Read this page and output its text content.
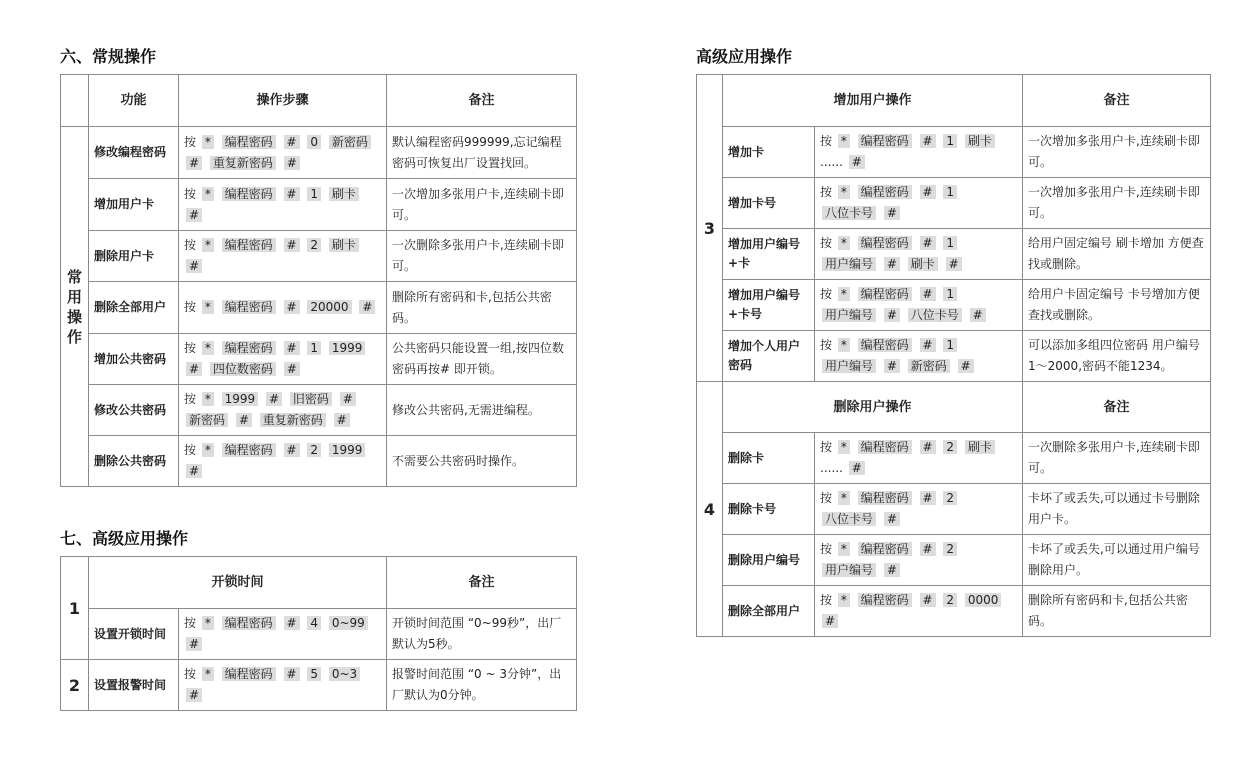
六、常规操作
	功能	操作步骤	备注

常
用
操
作	修改编程密码	按 * 编程密码 # 0 新密码 # 重复新密码 #	默认编程密码999999,忘记编程密码可恢复出厂设置找回。
	增加用户卡	按 * 编程密码 # 1 刷卡 #	一次增加多张用户卡,连续刷卡即可。
	删除用户卡	按 * 编程密码 # 2 刷卡 #	一次删除多张用户卡,连续刷卡即可。
	删除全部用户	按 * 编程密码 # 20000 #	删除所有密码和卡,包括公共密码。
	增加公共密码	按 * 编程密码 # 1 1999 # 四位数密码 #	公共密码只能设置一组,按四位数密码再按# 即开锁。
	修改公共密码	按 * 1999 # 旧密码 # 新密码 # 重复新密码 #	修改公共密码,无需进编程。
	删除公共密码	按 * 编程密码 # 2 1999 #	不需要公共密码时操作。
七、高级应用操作
1	开锁时间		备注
	设置开锁时间	按 * 编程密码 # 4 0~99 #	开锁时间范围 “0~99秒”，出厂默认为5秒。
2	设置报警时间	按 * 编程密码 # 5 0~3 #	报警时间范围 “0 ~ 3分钟”，出厂默认为0分钟。
高级应用操作
3	增加用户操作		备注
	增加卡	按 * 编程密码 # 1 刷卡 ...... #	一次增加多张用户卡,连续刷卡即可。
	增加卡号	按 * 编程密码 # 1 八位卡号 #	一次增加多张用户卡,连续刷卡即可。
	增加用户编号+卡	按 * 编程密码 # 1 用户编号 # 刷卡 #	给用户固定编号 刷卡增加 方便查找或删除。
	增加用户编号+卡号	按 * 编程密码 # 1 用户编号 # 八位卡号 #	给用户卡固定编号 卡号增加方便查找或删除。
	增加个人用户密码	按 * 编程密码 # 1 用户编号 # 新密码 #	可以添加多组四位密码 用户编号1～2000,密码不能1234。
4	删除用户操作		备注
	删除卡	按 * 编程密码 # 2 刷卡 ...... #	一次删除多张用户卡,连续刷卡即可。
	删除卡号	按 * 编程密码 # 2 八位卡号 #	卡坏了或丢失,可以通过卡号删除用户卡。
	删除用户编号	按 * 编程密码 # 2 用户编号 #	卡坏了或丢失,可以通过用户编号删除用户。
	删除全部用户	按 * 编程密码 # 2 0000 #	删除所有密码和卡,包括公共密码。
